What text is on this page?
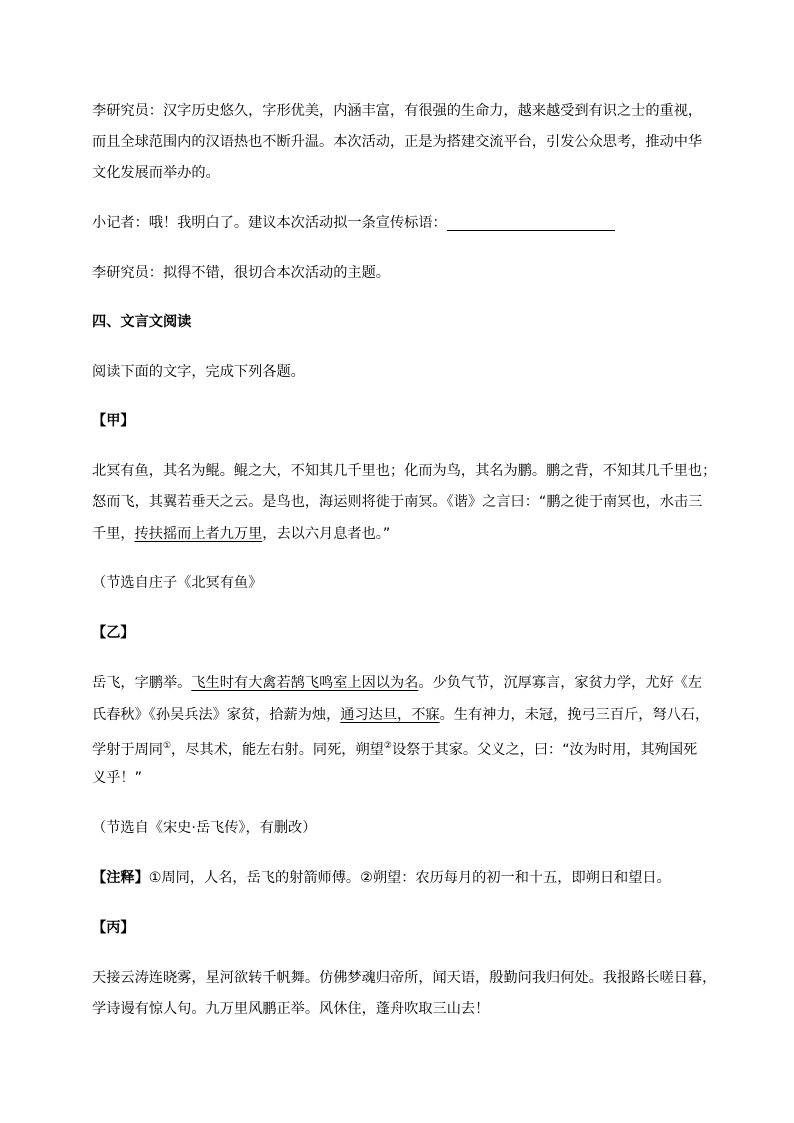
李研究员：汉字历史悠久，字形优美，内涵丰富，有很强的生命力，越来越受到有识之士的重视，
而且全球范围内的汉语热也不断升温。本次活动，正是为搭建交流平台，引发公众思考，推动中华
文化发展而举办的。
小记者：哦！我明白了。建议本次活动拟一条宣传标语：
李研究员：拟得不错，很切合本次活动的主题。
四、文言文阅读
阅读下面的文字，完成下列各题。
【甲】
北冥有鱼，其名为鲲。鲲之大，不知其几千里也；化而为鸟，其名为鹏。鹏之背，不知其几千里也；
怒而飞，其翼若垂天之云。是鸟也，海运则将徙于南冥。《谐》之言曰：“鹏之徙于南冥也，水击三
千里，抟扶摇而上者九万里，去以六月息者也。”
（节选自庄子《北冥有鱼》
【乙】
岳飞，字鹏举。飞生时有大禽若鹄飞鸣室上因以为名。少负气节，沉厚寡言，家贫力学，尤好《左
氏春秋》《孙吴兵法》家贫，拾薪为烛，通习达旦，不寐。生有神力，未冠，挽弓三百斤，弩八石，
学射于周同①，尽其术，能左右射。同死，朔望②设祭于其家。父义之，曰：“汝为时用，其殉国死
义乎！”
（节选自《宋史·岳飞传》，有删改）
【注释】①周同，人名，岳飞的射箭师傅。②朔望：农历每月的初一和十五，即朔日和望日。
【丙】
天接云涛连晓雾，星河欲转千帆舞。仿佛梦魂归帝所，闻天语，殷勤问我归何处。我报路长嗟日暮，
学诗谩有惊人句。九万里风鹏正举。风休住，蓬舟吹取三山去！
